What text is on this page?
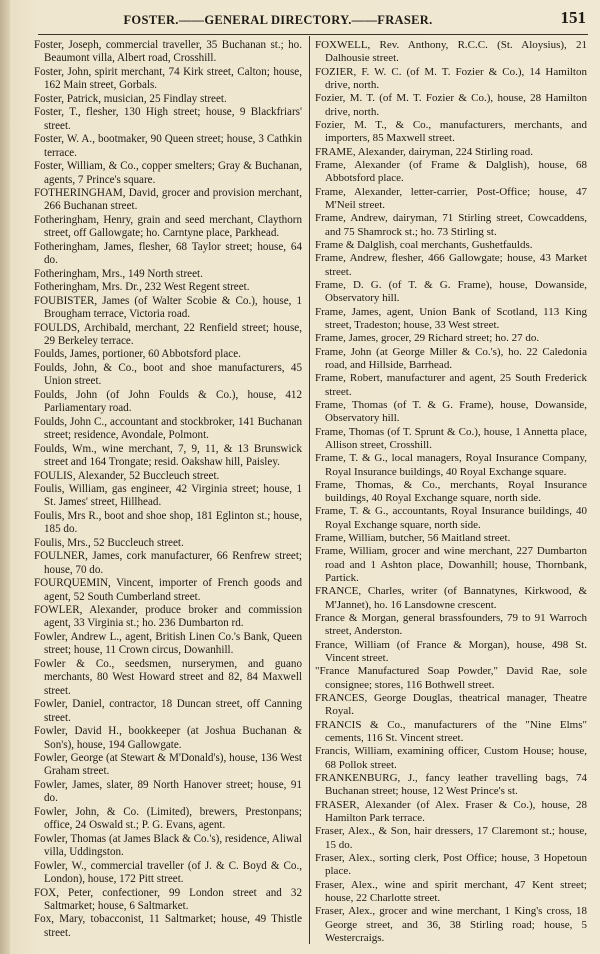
FOSTER.——GENERAL DIRECTORY.——FRASER.	151
Foster, Joseph, commercial traveller, 35 Buchanan st.; ho. Beaumont villa, Albert road, Crosshill.
Foster, John, spirit merchant, 74 Kirk street, Calton; house, 162 Main street, Gorbals.
Foster, Patrick, musician, 25 Findlay street.
Foster, T., flesher, 130 High street; house, 9 Blackfriars' street.
Foster, W. A., bootmaker, 90 Queen street; house, 3 Cathkin terrace.
Foster, William, & Co., copper smelters; Gray & Buchanan, agents, 7 Prince's square.
FOTHERINGHAM, David, grocer and provision merchant, 266 Buchanan street.
Fotheringham, Henry, grain and seed merchant, Claythorn street, off Gallowgate; ho. Carntyne place, Parkhead.
Fotheringham, James, flesher, 68 Taylor street; house, 64 do.
Fotheringham, Mrs., 149 North street.
Fotheringham, Mrs. Dr., 232 West Regent street.
FOUBISTER, James (of Walter Scobie & Co.), house, 1 Brougham terrace, Victoria road.
FOULDS, Archibald, merchant, 22 Renfield street; house, 29 Berkeley terrace.
Foulds, James, portioner, 60 Abbotsford place.
Foulds, John, & Co., boot and shoe manufacturers, 45 Union street.
Foulds, John (of John Foulds & Co.), house, 412 Parliamentary road.
Foulds, John C., accountant and stockbroker, 141 Buchanan street; residence, Avondale, Polmont.
Foulds, Wm., wine merchant, 7, 9, 11, & 13 Brunswick street and 164 Trongate; resid. Oakshaw hill, Paisley.
FOULIS, Alexander, 52 Buccleuch street.
Foulis, William, gas engineer, 42 Virginia street; house, 1 St. James' street, Hillhead.
Foulis, Mrs R., boot and shoe shop, 181 Eglinton st.; house, 185 do.
Foulis, Mrs., 52 Buccleuch street.
FOULNER, James, cork manufacturer, 66 Renfrew street; house, 70 do.
FOURQUEMIN, Vincent, importer of French goods and agent, 52 South Cumberland street.
FOWLER, Alexander, produce broker and commission agent, 33 Virginia st.; ho. 236 Dumbarton rd.
Fowler, Andrew L., agent, British Linen Co.'s Bank, Queen street; house, 11 Crown circus, Dowanhill.
Fowler & Co., seedsmen, nurserymen, and guano merchants, 80 West Howard street and 82, 84 Maxwell street.
Fowler, Daniel, contractor, 18 Duncan street, off Canning street.
Fowler, David H., bookkeeper (at Joshua Buchanan & Son's), house, 194 Gallowgate.
Fowler, George (at Stewart & M'Donald's), house, 136 West Graham street.
Fowler, James, slater, 89 North Hanover street; house, 91 do.
Fowler, John, & Co. (Limited), brewers, Prestonpans; office, 24 Oswald st.; P. G. Evans, agent.
Fowler, Thomas (at James Black & Co.'s), residence, Aliwal villa, Uddingston.
Fowler, W., commercial traveller (of J. & C. Boyd & Co., London), house, 172 Pitt street.
FOX, Peter, confectioner, 99 London street and 32 Saltmarket; house, 6 Saltmarket.
Fox, Mary, tobacconist, 11 Saltmarket; house, 49 Thistle street.
FOXWELL, Rev. Anthony, R.C.C. (St. Aloysius), 21 Dalhousie street.
FOZIER, F. W. C. (of M. T. Fozier & Co.), 14 Hamilton drive, north.
Fozier, M. T. (of M. T. Fozier & Co.), house, 28 Hamilton drive, north.
Fozier, M. T., & Co., manufacturers, merchants, and importers, 85 Maxwell street.
FRAME, Alexander, dairyman, 224 Stirling road.
Frame, Alexander (of Frame & Dalglish), house, 68 Abbotsford place.
Frame, Alexander, letter-carrier, Post-Office; house, 47 M'Neil street.
Frame, Andrew, dairyman, 71 Stirling street, Cowcaddens, and 75 Shamrock st.; ho. 73 Stirling st.
Frame & Dalglish, coal merchants, Gushetfaulds.
Frame, Andrew, flesher, 466 Gallowgate; house, 43 Market street.
Frame, D. G. (of T. & G. Frame), house, Dowanside, Observatory hill.
Frame, James, agent, Union Bank of Scotland, 113 King street, Tradeston; house, 33 West street.
Frame, James, grocer, 29 Richard street; ho. 27 do.
Frame, John (at George Miller & Co.'s), ho. 22 Caledonia road, and Hillside, Barrhead.
Frame, Robert, manufacturer and agent, 25 South Frederick street.
Frame, Thomas (of T. & G. Frame), house, Dowanside, Observatory hill.
Frame, Thomas (of T. Sprunt & Co.), house, 1 Annetta place, Allison street, Crosshill.
Frame, T. & G., local managers, Royal Insurance Company, Royal Insurance buildings, 40 Royal Exchange square.
Frame, Thomas, & Co., merchants, Royal Insurance buildings, 40 Royal Exchange square, north side.
Frame, T. & G., accountants, Royal Insurance buildings, 40 Royal Exchange square, north side.
Frame, William, butcher, 56 Maitland street.
Frame, William, grocer and wine merchant, 227 Dumbarton road and 1 Ashton place, Dowanhill; house, Thornbank, Partick.
FRANCE, Charles, writer (of Bannatynes, Kirkwood, & M'Jannet), ho. 16 Lansdowne crescent.
France & Morgan, general brassfounders, 79 to 91 Warroch street, Anderston.
France, William (of France & Morgan), house, 498 St. Vincent street.
"France Manufactured Soap Powder," David Rae, sole consignee; stores, 116 Bothwell street.
FRANCES, George Douglas, theatrical manager, Theatre Royal.
FRANCIS & Co., manufacturers of the "Nine Elms" cements, 116 St. Vincent street.
Francis, William, examining officer, Custom House; house, 68 Pollok street.
FRANKENBURG, J., fancy leather travelling bags, 74 Buchanan street; house, 12 West Prince's st.
FRASER, Alexander (of Alex. Fraser & Co.), house, 28 Hamilton Park terrace.
Fraser, Alex., & Son, hair dressers, 17 Claremont st.; house, 15 do.
Fraser, Alex., sorting clerk, Post Office; house, 3 Hopetoun place.
Fraser, Alex., wine and spirit merchant, 47 Kent street; house, 22 Charlotte street.
Fraser, Alex., grocer and wine merchant, 1 King's cross, 18 George street, and 36, 38 Stirling road; house, 5 Westercraigs.
